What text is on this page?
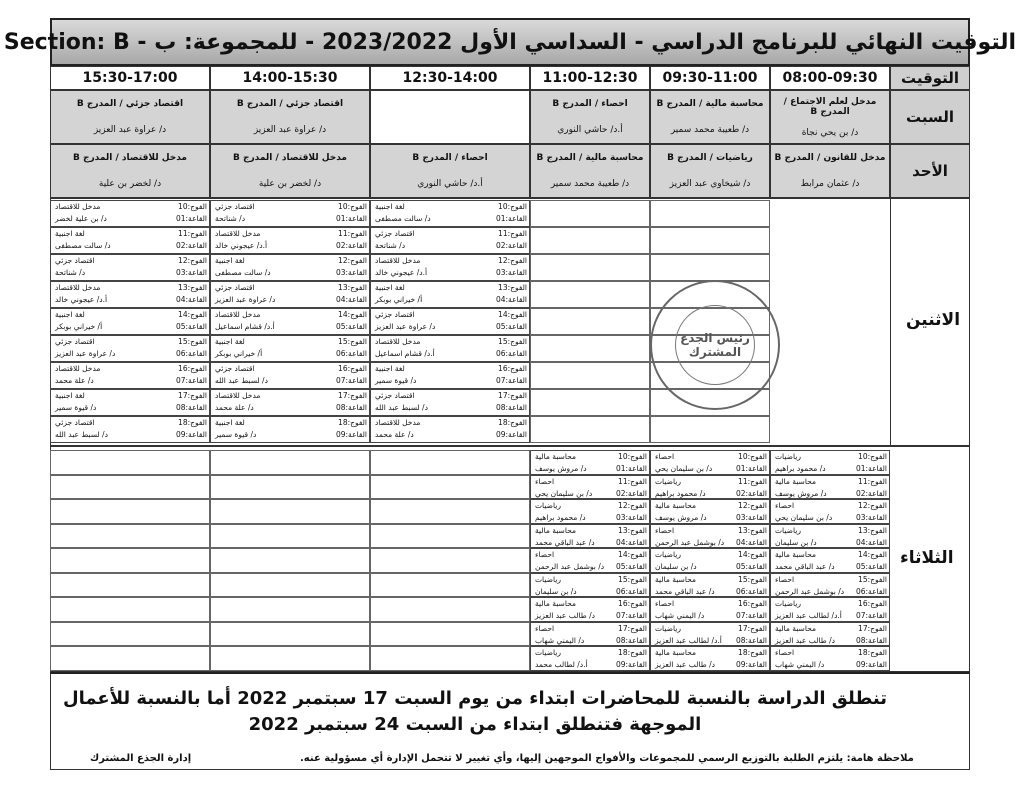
التوقيت النهائي للبرنامج الدراسي - السداسي الأول 2023/2022 - للمجموعة: ب - Section: B
التوقيت
08:00-09:30
09:30-11:00
11:00-12:30
12:30-14:00
14:00-15:30
15:30-17:00
السبت
مدخل لعلم الاجتماع / المدرج B
د/ بن يحي نجاة
محاسبة مالية / المدرج B
د/ طعيبة محمد سمير
احصاء / المدرج B
أ.د/ حاشي النوري
اقتصاد جزئي / المدرج B
د/ عراوة عبد العزيز
اقتصاد جزئي / المدرج B
د/ عراوة عبد العزيز
الأحد
مدخل للقانون / المدرج B
د/ عثمان مرابط
رياضيات / المدرج B
د/ شيخاوي عبد العزيز
محاسبة مالية / المدرج B
د/ طعيبة محمد سمير
احصاء / المدرج B
أ.د/ حاشي النوري
مدخل للاقتصاد / المدرج B
د/ لخضر بن علية
مدخل للاقتصاد / المدرج B
د/ لخضر بن علية
الاثنين
الثلاثاء
الفوج:10
القاعة:01
لغة اجنبية
د/ سالت مصطفى
الفوج:11
القاعة:02
اقتصاد جزئي
د/ شناتحة
الفوج:12
القاعة:03
مدخل للاقتصاد
أ.د/ عيجوني خالد
الفوج:13
القاعة:04
لغة اجنبية
أ/ خيراني بوبكر
الفوج:14
القاعة:05
اقتصاد جزئي
د/ عراوة عبد العزيز
الفوج:15
القاعة:06
مدخل للاقتصاد
أ.د/ قشام اسماعيل
الفوج:16
القاعة:07
لغة اجنبية
د/ قيوة سمير
الفوج:17
القاعة:08
اقتصاد جزئي
د/ لسبط عبد الله
الفوج:18
القاعة:09
مدخل للاقتصاد
د/ علة محمد
الفوج:10
القاعة:01
اقتصاد جزئي
د/ شناتحة
الفوج:11
القاعة:02
مدخل للاقتصاد
أ.د/ عيجوني خالد
الفوج:12
القاعة:03
لغة اجنبية
د/ سالت مصطفى
الفوج:13
القاعة:04
اقتصاد جزئي
د/ عراوة عبد العزيز
الفوج:14
القاعة:05
مدخل للاقتصاد
أ.د/ قشام اسماعيل
الفوج:15
القاعة:06
لغة اجنبية
أ/ خيراني بوبكر
الفوج:16
القاعة:07
اقتصاد جزئي
د/ لسبط عبد الله
الفوج:17
القاعة:08
مدخل للاقتصاد
د/ علة محمد
الفوج:18
القاعة:09
لغة اجنبية
د/ قيوة سمير
الفوج:10
القاعة:01
مدخل للاقتصاد
د/ بن علية لخضر
الفوج:11
القاعة:02
لغة اجنبية
د/ سالت مصطفى
الفوج:12
القاعة:03
اقتصاد جزئي
د/ شناتحة
الفوج:13
القاعة:04
مدخل للاقتصاد
أ.د/ عيجوني خالد
الفوج:14
القاعة:05
لغة اجنبية
أ/ خيراني بوبكر
الفوج:15
القاعة:06
اقتصاد جزئي
د/ عراوة عبد العزيز
الفوج:16
القاعة:07
مدخل للاقتصاد
د/ علة محمد
الفوج:17
القاعة:08
لغة اجنبية
د/ قيوة سمير
الفوج:18
القاعة:09
اقتصاد جزئي
د/ لسبط عبد الله
الفوج:10
القاعة:01
رياضيات
د/ محمود براهيم
الفوج:11
القاعة:02
محاسبة مالية
د/ مروش يوسف
الفوج:12
القاعة:03
احصاء
د/ بن سليمان يحي
الفوج:13
القاعة:04
رياضيات
د/ بن سليمان
الفوج:14
القاعة:05
محاسبة مالية
د/ عبد الباقي محمد
الفوج:15
القاعة:06
احصاء
د/ بوشمل عبد الرحمن
الفوج:16
القاعة:07
رياضيات
أ.د/ لطالب عبد العزيز
الفوج:17
القاعة:08
محاسبة مالية
د/ طالب عبد العزيز
الفوج:18
القاعة:09
احصاء
د/ اليمني شهاب
الفوج:10
القاعة:01
احصاء
د/ بن سليمان يحي
الفوج:11
القاعة:02
رياضيات
د/ محمود براهيم
الفوج:12
القاعة:03
محاسبة مالية
د/ مروش يوسف
الفوج:13
القاعة:04
احصاء
د/ بوشمل عبد الرحمن
الفوج:14
القاعة:05
رياضيات
د/ بن سليمان
الفوج:15
القاعة:06
محاسبة مالية
د/ عبد الباقي محمد
الفوج:16
القاعة:07
احصاء
د/ اليمني شهاب
الفوج:17
القاعة:08
رياضيات
أ.د/ لطالب عبد العزيز
الفوج:18
القاعة:09
محاسبة مالية
د/ طالب عبد العزيز
الفوج:10
القاعة:01
محاسبة مالية
د/ مروش يوسف
الفوج:11
القاعة:02
احصاء
د/ بن سليمان يحي
الفوج:12
القاعة:03
رياضيات
د/ محمود براهيم
الفوج:13
القاعة:04
محاسبة مالية
د/ عبد الباقي محمد
الفوج:14
القاعة:05
احصاء
د/ بوشمل عبد الرحمن
الفوج:15
القاعة:06
رياضيات
د/ بن سليمان
الفوج:16
القاعة:07
محاسبة مالية
د/ طالب عبد العزيز
الفوج:17
القاعة:08
احصاء
د/ اليمني شهاب
الفوج:18
القاعة:09
رياضيات
أ.د/ لطالب محمد
رئيس الجذع المشترك
تنطلق الدراسة بالنسبة للمحاضرات ابتداء من يوم السبت 17 سبتمبر 2022 أما بالنسبة للأعمال الموجهة فتنطلق ابتداء من السبت 24 سبتمبر 2022
ملاحظة هامة: يلتزم الطلبة بالتوزيع الرسمي للمجموعات والأفواج الموجهين إليها، وأي تغيير لا تتحمل الإدارة أي مسؤولية عنه.
إدارة الجذع المشترك
